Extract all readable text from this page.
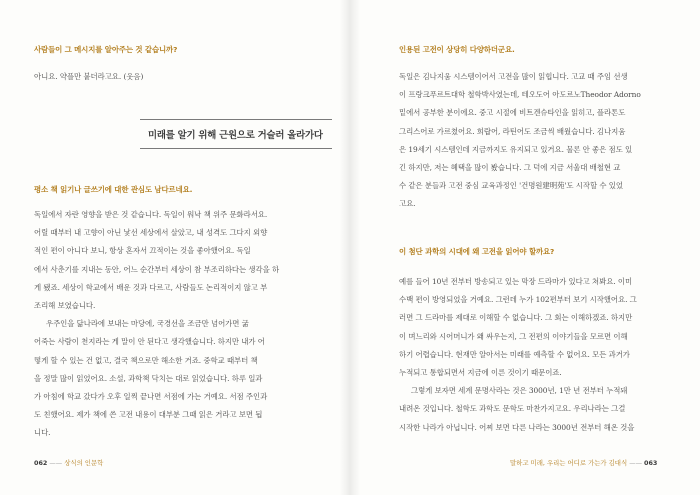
사람들이 그 메시지를 알아주는 것 같습니까?
아니요. 약플만 붙더라고요. (웃음)
미래를 알기 위해 근원으로 거슬러 올라가다
평소 책 읽기나 글쓰기에 대한 관심도 남다르네요.
독일에서 자란 영향을 받은 것 같습니다. 독일이 워낙 책 위주 문화라서요.
어릴 때부터 내 고향이 아닌 낯선 세상에서 살았고, 내 성격도 그다지 외향
적인 편이 아니다 보니, 항상 혼자서 끄적이는 것을 좋아했어요. 독일
에서 사춘기를 지내는 동안, 어느 순간부터 세상이 참 부조리하다는 생각을 하
게 됐죠. 세상이 학교에서 배운 것과 다르고, 사람들도 논리적이지 않고 부
조리해 보였습니다.
우주인을 닮나라에 보내는 마당에, 국경선을 조금만 넘어가면 굶
어죽는 사람이 천지라는 게 말이 안 된다고 생각했습니다. 하지만 내가 어
떻게 할 수 있는 건 없고, 결국 책으로만 해소한 거죠. 중학교 때부터 책
을 정말 많이 읽었어요. 소설, 과학책 닥치는 대로 읽었습니다. 하루 일과
가 아침에 학교 갔다가 오후 일찍 끝나면 서점에 가는 거예요. 서점 주인과
도 친했어요. 제가 책에 쓴 고전 내용이 대부분 그때 읽은 거라고 보면 됩
니다.
062 —— 상식의 인문학
인용된 고전이 상당히 다양하더군요.
독일은 김나지움 시스템이어서 고전을 많이 읽힙니다. 고교 때 주임 선생
이 프랑크푸르트대학 철학박사였는데, 테오도어 아도르노Theodor Adorno
밑에서 공부한 분이에요. 중고 시절에 비트겐슈타인을 읽히고, 플라톤도
그리스어로 가르쳤어요. 희랍어, 라틴어도 조금씩 배웠습니다. 김나지움
은 19세기 시스템인데 지금까지도 유지되고 있거요. 물론 안 좋은 점도 있
긴 하지만, 저는 혜택을 많이 봤습니다. 그 덕에 지금 서울대 배철현 교
수 같은 분들과 고전 중심 교육과정인 '건명원建明苑'도 시작할 수 있었
고요.
이 첨단 과학의 시대에 왜 고전을 읽어야 할까요?
예를 들어 10년 전부터 방송되고 있는 막장 드라마가 있다고 쳐봐요. 이미
수백 편이 방영되었을 거예요. 그런데 누가 102편부터 보기 시작했어요. 그
러면 그 드라마를 제대로 이해할 수 없습니다. 그 회는 이해하겠죠. 하지만
이 며느리와 시어머니가 왜 싸우는지, 그 전편의 이야기들을 모르면 이해
하기 어렵습니다. 현재만 알아서는 미래를 예측할 수 없어요. 모든 과거가
누적되고 통합되면서 지금에 이른 것이기 때문이죠.
그렇게 보자면 세계 문명사라는 것은 3000년, 1만 년 전부터 누적돼
내려온 것입니다. 철학도 과학도 문학도 마찬가지고요. 우리나라는 그걸
시작한 나라가 아닙니다. 어찌 보면 다른 나라는 3000년 전부터 해온 것을
말하고 미래, 우리는 어디로 가는가 김대식 —— 063
